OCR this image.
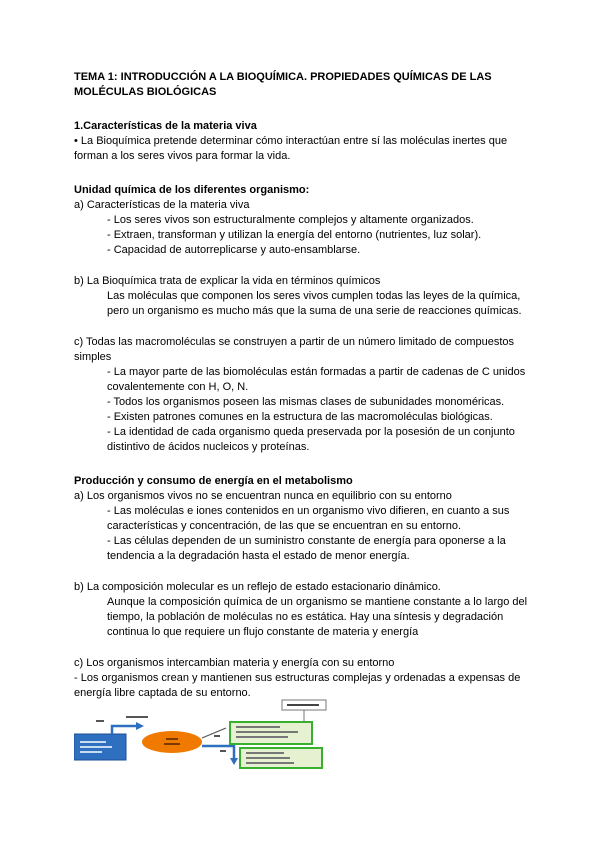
TEMA 1: INTRODUCCIÓN A LA BIOQUÍMICA. PROPIEDADES QUÍMICAS DE LAS MOLÉCULAS BIOLÓGICAS

1.Características de la materia viva

• La Bioquímica pretende determinar cómo interactúan entre sí las moléculas inertes que forman a los seres vivos para formar la vida.

Unidad química de los diferentes organismo:

a) Características de la materia viva

- Los seres vivos son estructuralmente complejos y altamente organizados.

- Extraen, transforman y utilizan la energía del entorno (nutrientes, luz solar).

- Capacidad de autorreplicarse y auto-ensamblarse.

b) La Bioquímica trata de explicar la vida en términos químicos

Las moléculas que componen los seres vivos cumplen todas las leyes de la química, pero un organismo es mucho más que la suma de una serie de reacciones químicas.

c) Todas las macromoléculas se construyen a partir de un número limitado de compuestos simples

- La mayor parte de las biomoléculas están formadas a partir de cadenas de C unidos covalentemente con H, O, N.

- Todos los organismos poseen las mismas clases de subunidades monoméricas.

- Existen patrones comunes en la estructura de las macromoléculas biológicas.

- La identidad de cada organismo queda preservada por la posesión de un conjunto distintivo de ácidos nucleicos y proteínas.

Producción y consumo de energía en el metabolismo

a) Los organismos vivos no se encuentran nunca en equilibrio con su entorno

- Las moléculas e iones contenidos en un organismo vivo difieren, en cuanto a sus características y concentración, de las que se encuentran en su entorno.

- Las células dependen de un suministro constante de energía para oponerse a la tendencia a la degradación hasta el estado de menor energía.

b) La composición molecular es un reflejo de estado estacionario dinámico.

Aunque la composición química de un organismo se mantiene constante a lo largo del tiempo, la población de moléculas no es estática. Hay una síntesis y degradación continua lo que requiere un flujo constante de materia y energía

c) Los organismos intercambian materia y energía con su entorno

- Los organismos crean y mantienen sus estructuras complejas y ordenadas a expensas de energía libre captada de su entorno.
